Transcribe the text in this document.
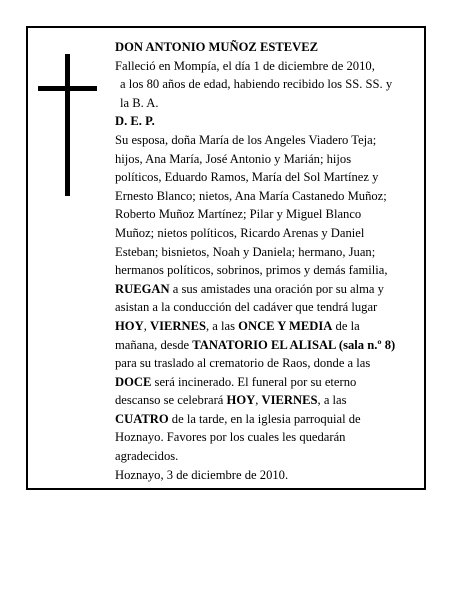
DON ANTONIO MUÑOZ ESTEVEZ
Falleció en Mompía, el día 1 de diciembre de 2010,
a los 80 años de edad, habiendo recibido los SS. SS. y
la B. A.
D. E. P.
Su esposa, doña María de los Angeles Viadero Teja;
hijos, Ana María, José Antonio y Marián; hijos
políticos, Eduardo Ramos, María del Sol Martínez y
Ernesto Blanco; nietos, Ana María Castanedo Muñoz;
Roberto Muñoz Martínez; Pilar y Miguel Blanco
Muñoz; nietos políticos, Ricardo Arenas y Daniel
Esteban; bisnietos, Noah y Daniela; hermano, Juan;
hermanos políticos, sobrinos, primos y demás familia,
RUEGAN a sus amistades una oración por su alma y
asistan a la conducción del cadáver que tendrá lugar
HOY, VIERNES, a las ONCE Y MEDIA de la
mañana, desde TANATORIO EL ALISAL (sala n.º 8)
para su traslado al crematorio de Raos, donde a las
DOCE será incinerado. El funeral por su eterno
descanso se celebrará HOY, VIERNES, a las
CUATRO de la tarde, en la iglesia parroquial de
Hoznayo. Favores por los cuales les quedarán
agradecidos.
Hoznayo, 3 de diciembre de 2010.
